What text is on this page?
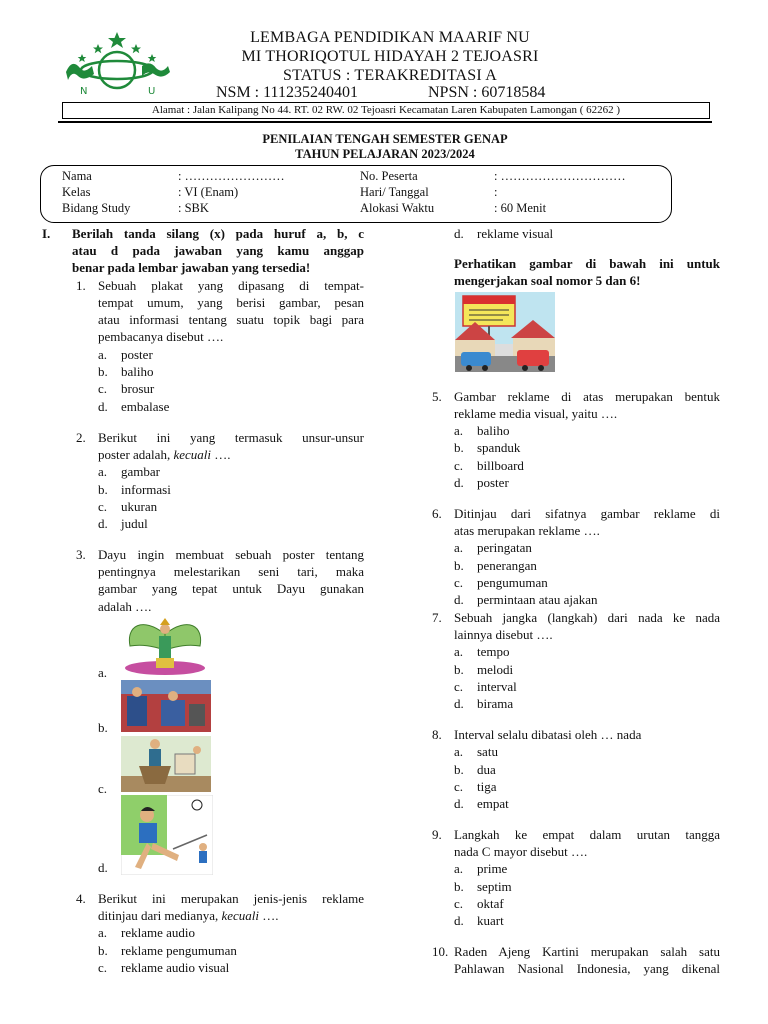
N	U
LEMBAGA PENDIDIKAN MAARIF NU
MI THORIQOTUL HIDAYAH 2 TEJOASRI
STATUS : TERAKREDITASI A
NSM : 111235240401	NPSN : 60718584
Alamat : Jalan Kalipang No 44. RT. 02 RW. 02 Tejoasri Kecamatan Laren Kabupaten Lamongan ( 62262 )
PENILAIAN TENGAH SEMESTER GENAP
TAHUN PELAJARAN 2023/2024
Nama	: ……………………
Kelas	: VI (Enam)
Bidang Study	: SBK
No. Peserta	: …………………………
Hari/ Tanggal	:
Alokasi Waktu	: 60 Menit
I. Berilah tanda silang (x) pada huruf a, b, c
atau d pada jawaban yang kamu anggap
benar pada lembar jawaban yang tersedia!
1. Sebuah plakat yang dipasang di tempat-
tempat umum, yang berisi gambar, pesan
atau informasi tentang suatu topik bagi para
pembacanya disebut ….
a. poster
b. baliho
c. brosur
d. embalase
2. Berikut ini yang termasuk unsur-unsur
poster adalah, kecuali ….
a. gambar
b. informasi
c. ukuran
d. judul
3. Dayu ingin membuat sebuah poster tentang
pentingnya melestarikan seni tari, maka
gambar yang tepat untuk Dayu gunakan
adalah ….
a.
b.
c.
d.
4. Berikut ini merupakan jenis-jenis reklame
ditinjau dari medianya, kecuali ….
a. reklame audio
b. reklame pengumuman
c. reklame audio visual
d. reklame visual
Perhatikan gambar di bawah ini untuk
mengerjakan soal nomor 5 dan 6!
5. Gambar reklame di atas merupakan bentuk
reklame media visual, yaitu ….
a. baliho
b. spanduk
c. billboard
d. poster
6. Ditinjau dari sifatnya gambar reklame di
atas merupakan reklame ….
a. peringatan
b. penerangan
c. pengumuman
d. permintaan atau ajakan
7. Sebuah jangka (langkah) dari nada ke nada
lainnya disebut ….
a. tempo
b. melodi
c. interval
d. birama
8. Interval selalu dibatasi oleh … nada
a. satu
b. dua
c. tiga
d. empat
9. Langkah ke empat dalam urutan tangga
nada C mayor disebut ….
a. prime
b. septim
c. oktaf
d. kuart
10. Raden Ajeng Kartini merupakan salah satu
Pahlawan Nasional Indonesia, yang dikenal
